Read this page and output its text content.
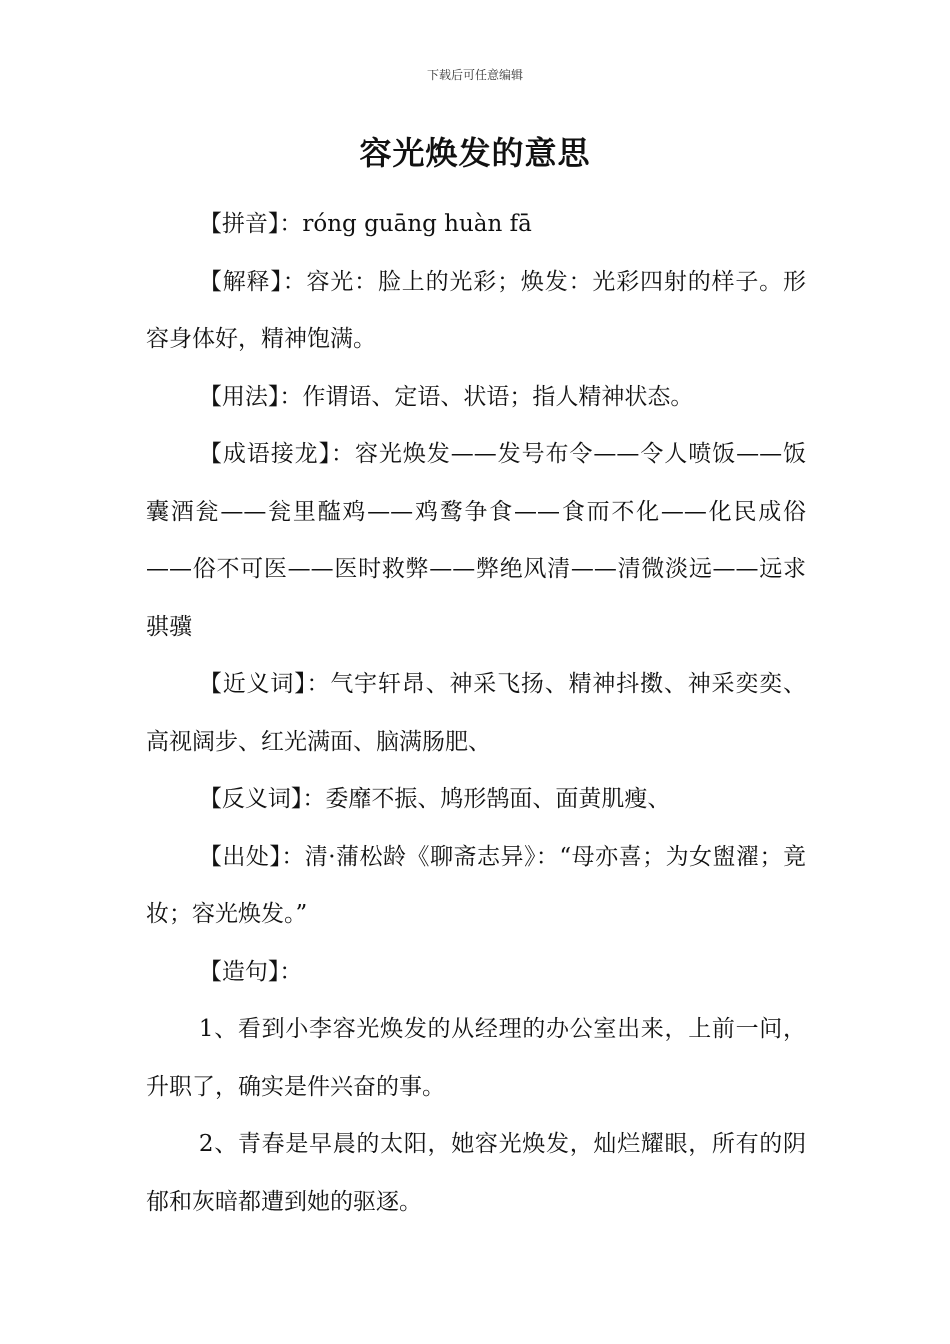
下载后可任意编辑
容光焕发的意思

【拼音】：róng guāng huàn fā

【解释】：容光：脸上的光彩；焕发：光彩四射的样子。形容身体好，精神饱满。

【用法】：作谓语、定语、状语；指人精神状态。

【成语接龙】：容光焕发——发号布令——令人喷饭——饭囊酒瓮——瓮里醓鸡——鸡鹜争食——食而不化——化民成俗——俗不可医——医时救弊——弊绝风清——清微淡远——远求骐骥

【近义词】：气宇轩昂、神采飞扬、精神抖擞、神采奕奕、高视阔步、红光满面、脑满肠肥、

【反义词】：委靡不振、鸠形鹄面、面黄肌瘦、

【出处】：清·蒲松龄《聊斋志异》：“母亦喜；为女盥濯；竟妆；容光焕发。”

【造句】：

1、看到小李容光焕发的从经理的办公室出来，上前一问，升职了，确实是件兴奋的事。

2、青春是早晨的太阳，她容光焕发，灿烂耀眼，所有的阴郁和灰暗都遭到她的驱逐。
